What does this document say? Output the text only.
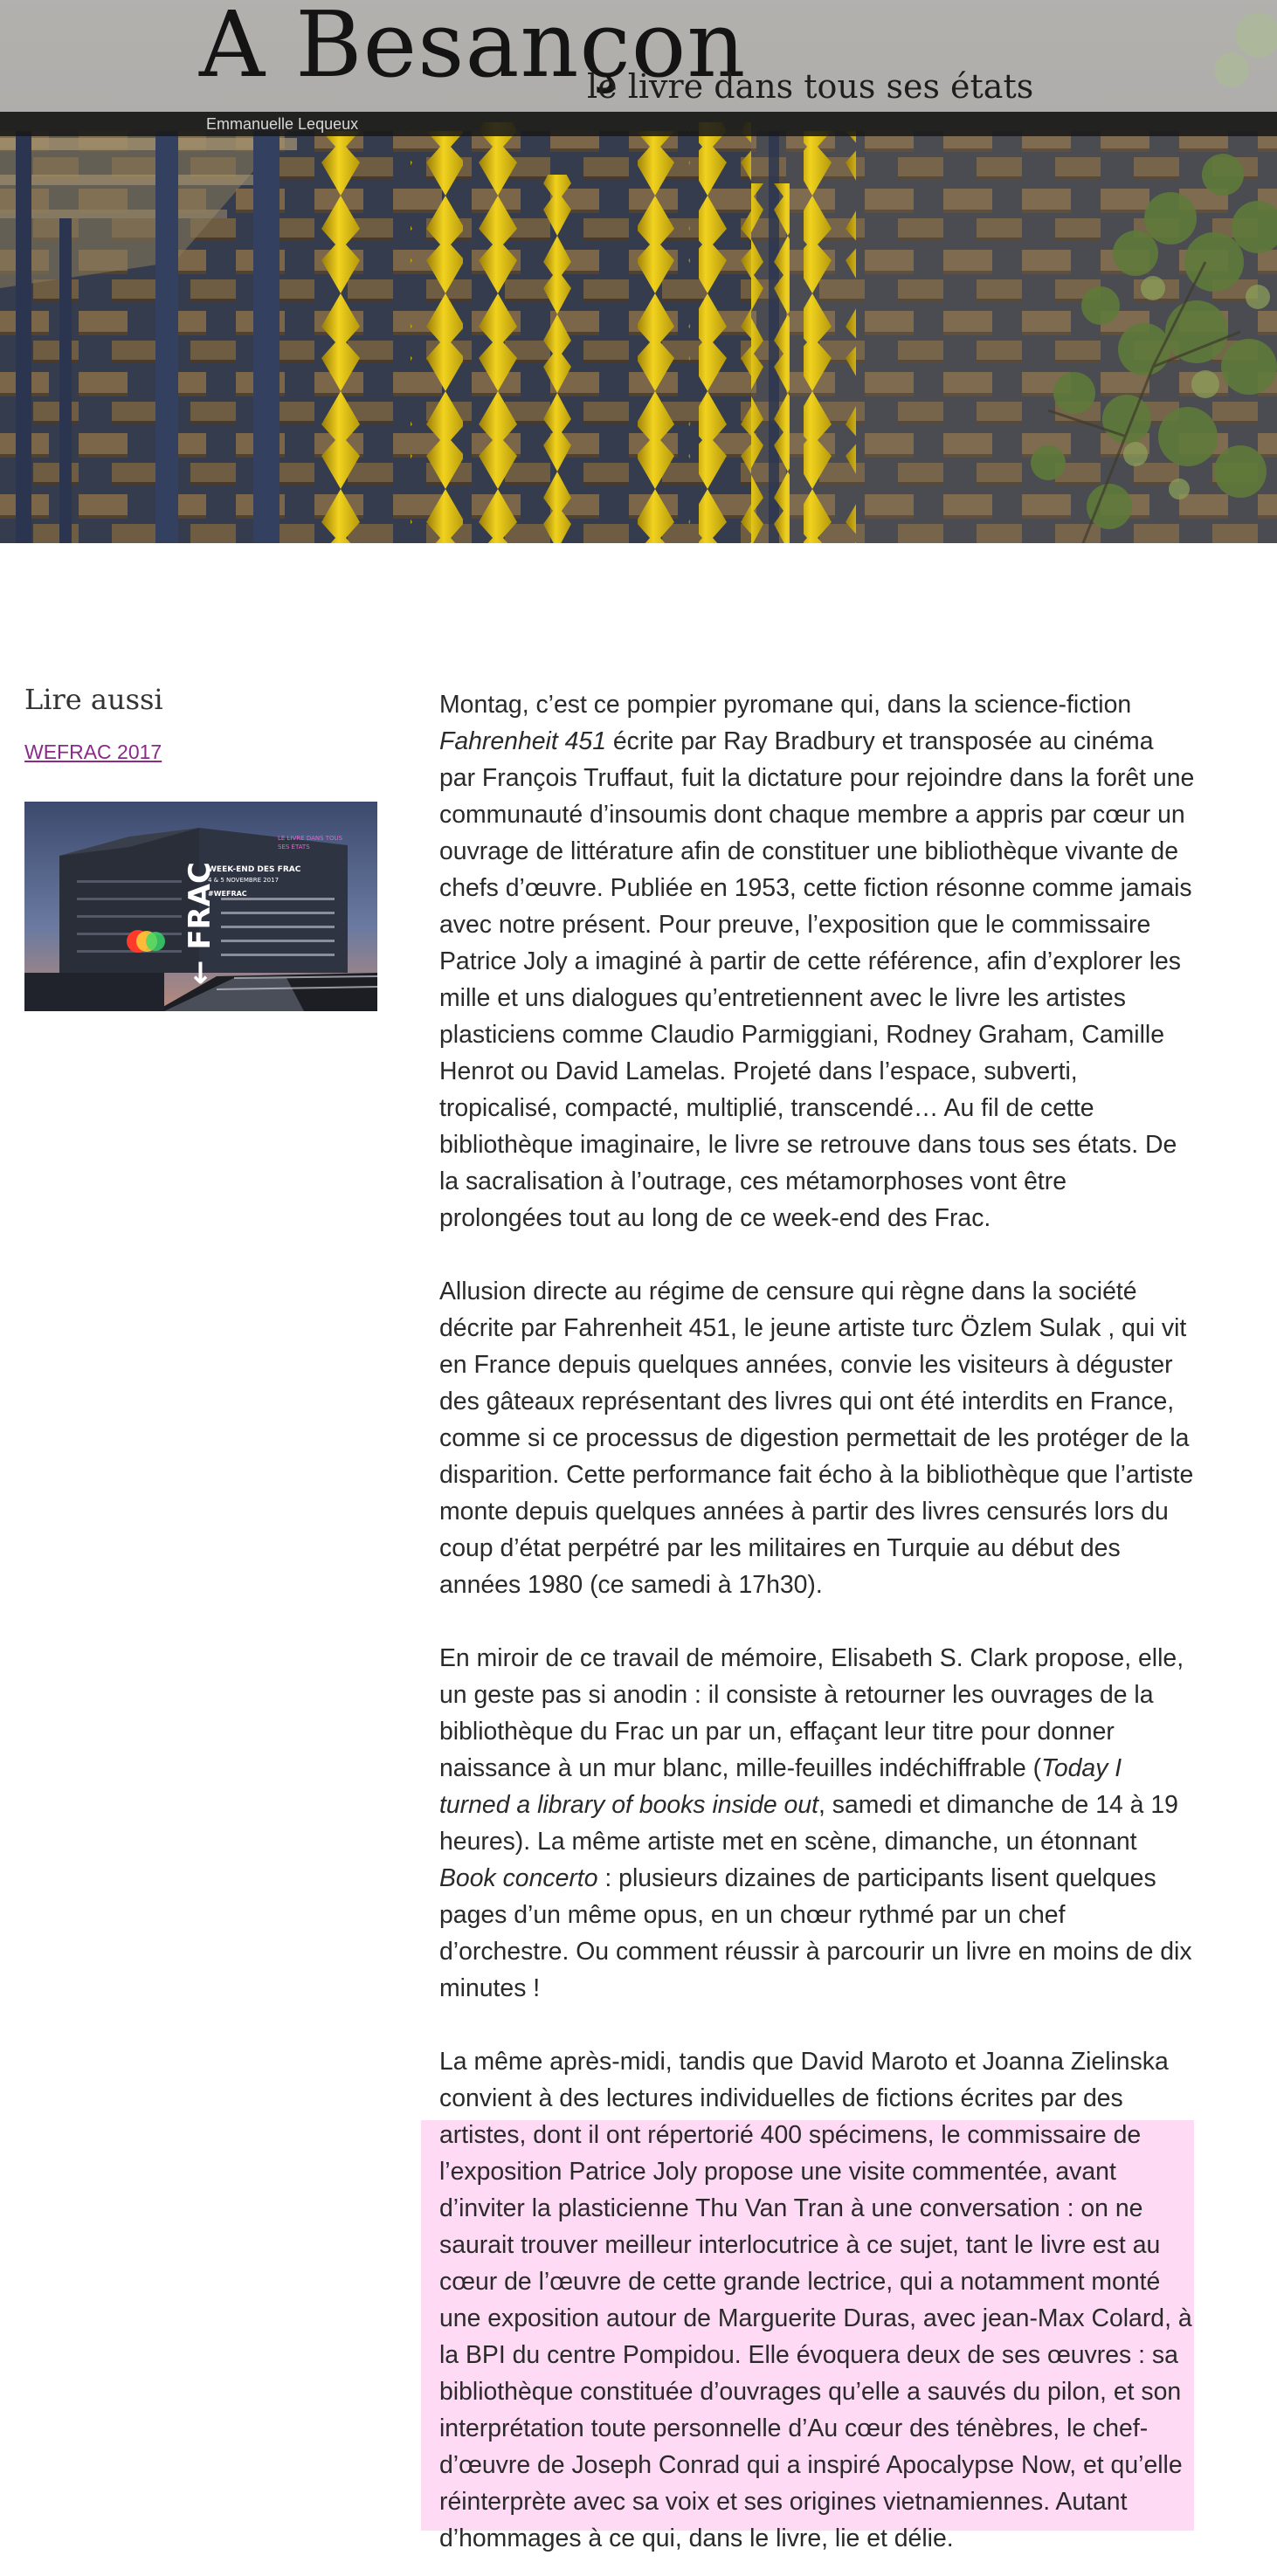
A Besançon
le livre dans tous ses états
Emmanuelle Lequeux
Lire aussi
WEFRAC 2017
LE LIVRE DANS TOUS
SES ÉTATS
WEEK-END DES FRAC
4 & 5 NOVEMBRE 2017
#WEFRAC
← FRAC

Montag, c’est ce pompier pyromane qui, dans la science-fiction Fahrenheit 451 écrite par Ray Bradbury et transposée au cinéma par François Truffaut, fuit la dictature pour rejoindre dans la forêt une communauté d’insoumis dont chaque membre a appris par cœur un ouvrage de littérature afin de constituer une bibliothèque vivante de chefs d’œuvre. Publiée en 1953, cette fiction résonne comme jamais avec notre présent. Pour preuve, l’exposition que le commissaire Patrice Joly a imaginé à partir de cette référence, afin d’explorer les mille et uns dialogues qu’entretiennent avec le livre les artistes plasticiens comme Claudio Parmiggiani, Rodney Graham, Camille Henrot ou David Lamelas. Projeté dans l’espace, subverti, tropicalisé, compacté, multiplié, transcendé… Au fil de cette bibliothèque imaginaire, le livre se retrouve dans tous ses états. De la sacralisation à l’outrage, ces métamorphoses vont être prolongées tout au long de ce week-end des Frac.

Allusion directe au régime de censure qui règne dans la société décrite par Fahrenheit 451, le jeune artiste turc Özlem Sulak , qui vit en France depuis quelques années, convie les visiteurs à déguster des gâteaux représentant des livres qui ont été interdits en France, comme si ce processus de digestion permettait de les protéger de la disparition. Cette performance fait écho à la bibliothèque que l’artiste monte depuis quelques années à partir des livres censurés lors du coup d’état perpétré par les militaires en Turquie au début des années 1980 (ce samedi à 17h30).

En miroir de ce travail de mémoire, Elisabeth S. Clark propose, elle, un geste pas si anodin : il consiste à retourner les ouvrages de la bibliothèque du Frac un par un, effaçant leur titre pour donner naissance à un mur blanc, mille-feuilles indéchiffrable (Today I turned a library of books inside out, samedi et dimanche de 14 à 19 heures). La même artiste met en scène, dimanche, un étonnant Book concerto : plusieurs dizaines de participants lisent quelques pages d’un même opus, en un chœur rythmé par un chef d’orchestre. Ou comment réussir à parcourir un livre en moins de dix minutes !

La même après-midi, tandis que David Maroto et Joanna Zielinska convient à des lectures individuelles de fictions écrites par des artistes, dont il ont répertorié 400 spécimens, le commissaire de l’exposition Patrice Joly propose une visite commentée, avant d’inviter la plasticienne Thu Van Tran à une conversation : on ne saurait trouver meilleur interlocutrice à ce sujet, tant le livre est au cœur de l’œuvre de cette grande lectrice, qui a notamment monté une exposition autour de Marguerite Duras, avec jean-Max Colard, à la BPI du centre Pompidou. Elle évoquera deux de ses œuvres : sa bibliothèque constituée d’ouvrages qu’elle a sauvés du pilon, et son interprétation toute personnelle d’Au cœur des ténèbres, le chef-d’œuvre de Joseph Conrad qui a inspiré Apocalypse Now, et qu’elle réinterprète avec sa voix et ses origines vietnamiennes. Autant d’hommages à ce qui, dans le livre, lie et délie.
